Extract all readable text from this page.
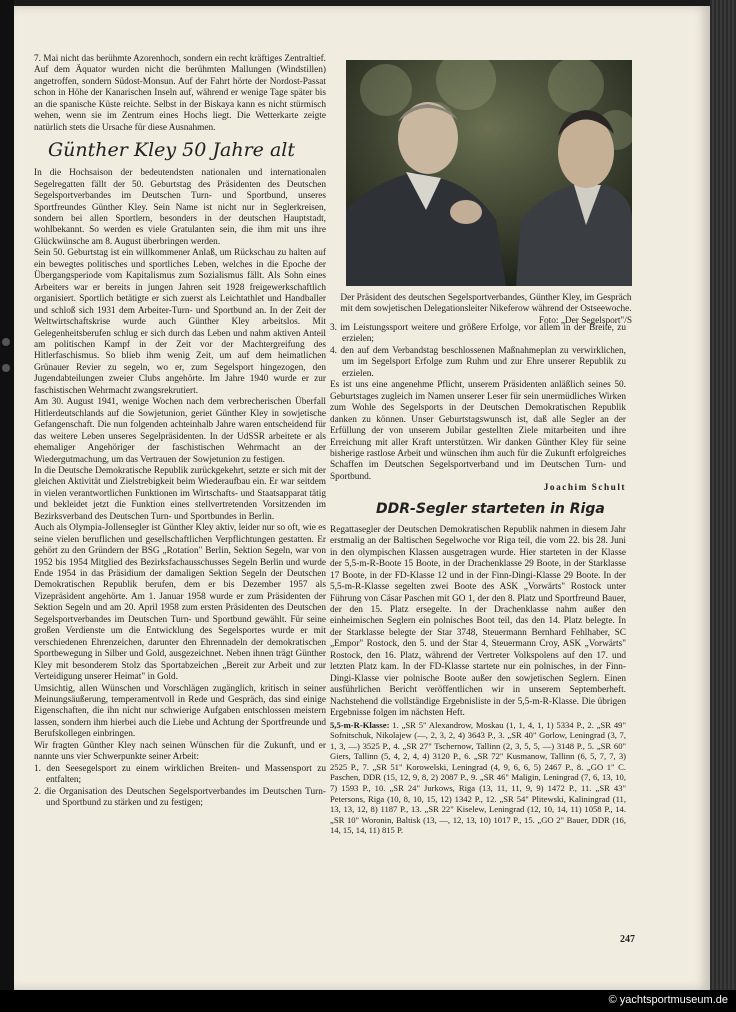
7. Mai nicht das berühmte Azorenhoch, sondern ein recht kräftiges Zentraltief. Auf dem Äquator wurden nicht die berühmten Mallungen (Windstillen) angetroffen, sondern Südost-Monsun. Auf der Fahrt hörte der Nordost-Passat schon in Höhe der Kanarischen Inseln auf, während er wenige Tage später bis an die spanische Küste reichte. Selbst in der Biskaya kann es nicht stürmisch wehen, wenn sie im Zentrum eines Hochs liegt. Die Wetterkarte zeigte natürlich stets die Ursache für diese Ausnahmen.

Günther Kley 50 Jahre alt

In die Hochsaison der bedeutendsten nationalen und internationalen Segelregatten fällt der 50. Geburtstag des Präsidenten des Deutschen Segelsportverbandes im Deutschen Turn- und Sportbund, unseres Sportfreundes Günther Kley. Sein Name ist nicht nur in Seglerkreisen, sondern bei allen Sportlern, besonders in der deutschen Hauptstadt, wohlbekannt. So werden es viele Gratulanten sein, die ihm mit uns ihre Glückwünsche am 8. August überbringen werden.

Sein 50. Geburtstag ist ein willkommener Anlaß, um Rückschau zu halten auf ein bewegtes politisches und sportliches Leben, welches in die Epoche der Übergangsperiode vom Kapitalismus zum Sozialismus fällt. Als Sohn eines Arbeiters war er bereits in jungen Jahren seit 1928 freigewerkschaftlich organisiert. Sportlich betätigte er sich zuerst als Leichtathlet und Handballer und schloß sich 1931 dem Arbeiter-Turn- und Sportbund an. In der Zeit der Weltwirtschaftskrise wurde auch Günther Kley arbeitslos. Mit Gelegenheitsberufen schlug er sich durch das Leben und nahm aktiven Anteil am politischen Kampf in der Zeit vor der Machtergreifung des Hitlerfaschismus. So blieb ihm wenig Zeit, um auf dem heimatlichen Grünauer Revier zu segeln, wo er, zum Segelsport hingezogen, den Jugendabteilungen zweier Clubs angehörte. Im Jahre 1940 wurde er zur faschistischen Wehrmacht zwangsrekrutiert.

Am 30. August 1941, wenige Wochen nach dem verbrecherischen Überfall Hitlerdeutschlands auf die Sowjetunion, geriet Günther Kley in sowjetische Gefangenschaft. Die nun folgenden achteinhalb Jahre waren entscheidend für das weitere Leben unseres Segelpräsidenten. In der UdSSR arbeitete er als ehemaliger Angehöriger der faschistischen Wehrmacht an der Wiedergutmachung, um das Vertrauen der Sowjetunion zu festigen.

In die Deutsche Demokratische Republik zurückgekehrt, setzte er sich mit der gleichen Aktivität und Zielstrebigkeit beim Wiederaufbau ein. Er war seitdem in vielen verantwortlichen Funktionen im Wirtschafts- und Staatsapparat tätig und bekleidet jetzt die Funktion eines stellvertretenden Vorsitzenden im Bezirksverband des Deutschen Turn- und Sportbundes in Berlin.

Auch als Olympia-Jollensegler ist Günther Kley aktiv, leider nur so oft, wie es seine vielen beruflichen und gesellschaftlichen Verpflichtungen gestatten. Er gehört zu den Gründern der BSG „Rotation" Berlin, Sektion Segeln, war von 1952 bis 1954 Mitglied des Bezirksfachausschusses Segeln Berlin und wurde Ende 1954 in das Präsidium der damaligen Sektion Segeln der Deutschen Demokratischen Republik berufen, dem er bis Dezember 1957 als Vizepräsident angehörte. Am 1. Januar 1958 wurde er zum Präsidenten der Sektion Segeln und am 20. April 1958 zum ersten Präsidenten des Deutschen Segelsportverbandes im Deutschen Turn- und Sportbund gewählt. Für seine großen Verdienste um die Entwicklung des Segelsportes wurde er mit verschiedenen Ehrenzeichen, darunter den Ehrennadeln der demokratischen Sportbewegung in Silber und Gold, ausgezeichnet. Neben ihnen trägt Günther Kley mit besonderem Stolz das Sportabzeichen „Bereit zur Arbeit und zur Verteidigung unserer Heimat" in Gold.

Umsichtig, allen Wünschen und Vorschlägen zugänglich, kritisch in seiner Meinungsäußerung, temperamentvoll in Rede und Gespräch, das sind einige Eigenschaften, die ihn nicht nur schwierige Aufgaben entschlossen meistern lassen, sondern ihm hierbei auch die Liebe und Achtung der Sportfreunde und Berufskollegen einbringen.

Wir fragten Günther Kley nach seinen Wünschen für die Zukunft, und er nannte uns vier Schwerpunkte seiner Arbeit:

1. den Seesegelsport zu einem wirklichen Breiten- und Massensport zu entfalten;
2. die Organisation des Deutschen Segelsportverbandes im Deutschen Turn- und Sportbund zu stärken und zu festigen;
Der Präsident des deutschen Segelsportverbandes, Günther Kley, im Gespräch mit dem sowjetischen Delegationsleiter Nikeferow während der Ostseewoche.
Foto: „Der Segelsport"/S
3. im Leistungssport weitere und größere Erfolge, vor allem in der Breite, zu erzielen;
4. den auf dem Verbandstag beschlossenen Maßnahmeplan zu verwirklichen, um im Segelsport Erfolge zum Ruhm und zur Ehre unserer Republik zu erzielen.

Es ist uns eine angenehme Pflicht, unserem Präsidenten anläßlich seines 50. Geburtstages zugleich im Namen unserer Leser für sein unermüdliches Wirken zum Wohle des Segelsports in der Deutschen Demokratischen Republik danken zu können. Unser Geburtstagswunsch ist, daß alle Segler an der Erfüllung der von unserem Jubilar gestellten Ziele mitarbeiten und ihre Erreichung mit aller Kraft unterstützen. Wir danken Günther Kley für seine bisherige rastlose Arbeit und wünschen ihm auch für die Zukunft erfolgreiches Schaffen im Deutschen Segelsportverband und im Deutschen Turn- und Sportbund.

Joachim Schult

DDR-Segler starteten in Riga

Regattasegler der Deutschen Demokratischen Republik nahmen in diesem Jahr erstmalig an der Baltischen Segelwoche vor Riga teil, die vom 22. bis 28. Juni in den olympischen Klassen ausgetragen wurde. Hier starteten in der Klasse der 5,5-m-R-Boote 15 Boote, in der Drachenklasse 29 Boote, in der Starklasse 17 Boote, in der FD-Klasse 12 und in der Finn-Dingi-Klasse 29 Boote. In der 5,5-m-R-Klasse segelten zwei Boote des ASK „Vorwärts" Rostock unter Führung von Cäsar Paschen mit GO 1, der den 8. Platz und Sportfreund Bauer, der den 15. Platz ersegelte. In der Drachenklasse nahm außer den einheimischen Seglern ein polnisches Boot teil, das den 14. Platz belegte. In der Starklasse belegte der Star 3748, Steuermann Bernhard Fehlhaber, SC „Empor" Rostock, den 5. und der Star 4, Steuermann Croy, ASK „Vorwärts" Rostock, den 16. Platz, während der Vertreter Volkspolens auf den 17. und letzten Platz kam. In der FD-Klasse startete nur ein polnisches, in der Finn-Dingi-Klasse vier polnische Boote außer den sowjetischen Seglern. Einen ausführlichen Bericht veröffentlichen wir in unserem Septemberheft. Nachstehend die vollständige Ergebnisliste in der 5,5-m-R-Klasse. Die übrigen Ergebnisse folgen im nächsten Heft.

5,5-m-R-Klasse: 1. „SR 5" Alexandrow, Moskau (1, 1, 4, 1, 1) 5334 P., 2. „SR 49" Sofnitschuk, Nikolajew (—, 2, 3, 2, 4) 3643 P., 3. „SR 40" Gorlow, Leningrad (3, 7, 1, 3, —) 3525 P., 4. „SR 27" Tschernow, Tallinn (2, 3, 5, 5, —) 3148 P., 5. „SR 60" Giers, Tallinn (5, 4, 2, 4, 4) 3120 P., 6. „SR 72" Kusmanow, Tallinn (6, 5, 7, 7, 3) 2525 P., 7. „SR 51" Korowelski, Leningrad (4, 9, 6, 6, 5) 2467 P., 8. „GO 1" C. Paschen, DDR (15, 12, 9, 8, 2) 2087 P., 9. „SR 46" Maligin, Leningrad (7, 6, 13, 10, 7) 1593 P., 10. „SR 24" Jurkows, Riga (13, 11, 11, 9, 9) 1472 P., 11. „SR 43" Petersons, Riga (10, 8, 10, 15, 12) 1342 P., 12. „SR 54" Plitewski, Kaliningrad (11, 13, 13, 12, 8) 1187 P., 13. „SR 22" Kiselew, Leningrad (12, 10, 14, 11) 1058 P., 14. „SR 10" Woronin, Baltisk (13, —, 12, 13, 10) 1017 P., 15. „GO 2" Bauer, DDR (16, 14, 15, 14, 11) 815 P.

247
© yachtsportmuseum.de
